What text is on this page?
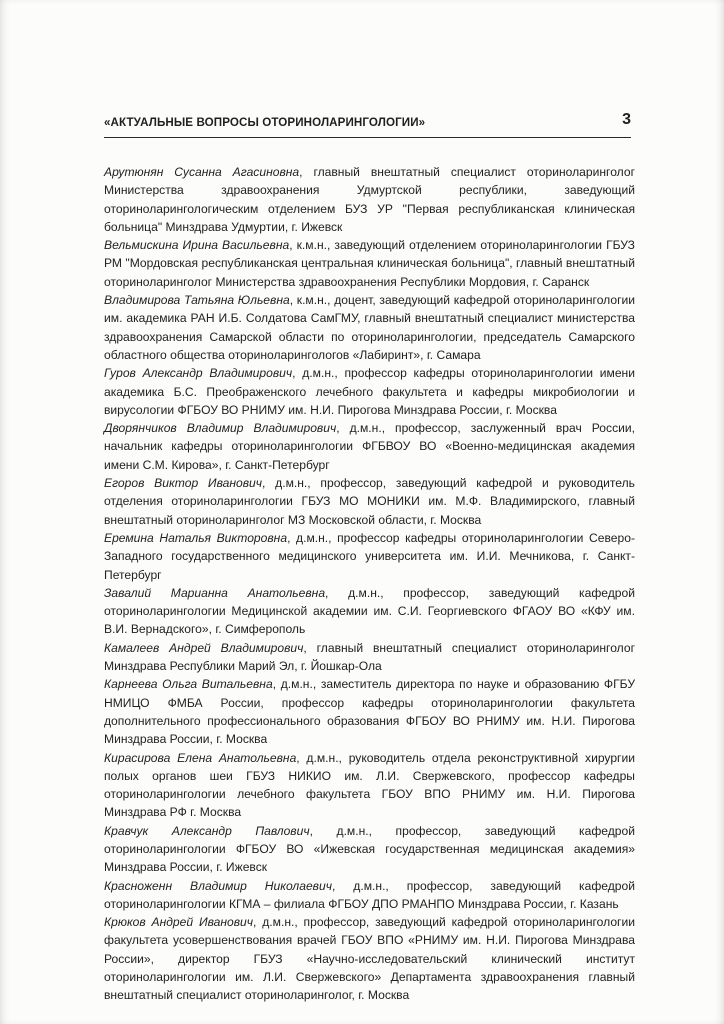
«АКТУАЛЬНЫЕ ВОПРОСЫ ОТОРИНОЛАРИНГОЛОГИИ»	3

Арутюнян Сусанна Агасиновна, главный внештатный специалист оториноларинголог Министерства здравоохранения Удмуртской республики, заведующий оториноларингологическим отделением БУЗ УР "Первая республиканская клиническая больница" Минздрава Удмуртии, г. Ижевск

Вельмискина Ирина Васильевна, к.м.н., заведующий отделением оториноларингологии ГБУЗ РМ "Мордовская республиканская центральная клиническая больница", главный внештатный оториноларинголог Министерства здравоохранения Республики Мордовия, г. Саранск

Владимирова Татьяна Юльевна, к.м.н., доцент, заведующий кафедрой оториноларингологии им. академика РАН И.Б. Солдатова СамГМУ, главный внештатный специалист министерства здравоохранения Самарской области по оториноларингологии, председатель Самарского областного общества оториноларингологов «Лабиринт», г. Самара

Гуров Александр Владимирович, д.м.н., профессор кафедры оториноларингологии имени академика Б.С. Преображенского лечебного факультета и кафедры микробиологии и вирусологии ФГБОУ ВО РНИМУ им. Н.И. Пирогова Минздрава России, г. Москва

Дворянчиков Владимир Владимирович, д.м.н., профессор, заслуженный врач России, начальник кафедры оториноларингологии ФГБВОУ ВО «Военно-медицинская академия имени С.М. Кирова», г. Санкт-Петербург

Егоров Виктор Иванович, д.м.н., профессор, заведующий кафедрой и руководитель отделения оториноларингологии ГБУЗ МО МОНИКИ им. М.Ф. Владимирского, главный внештатный оториноларинголог МЗ Московской области, г. Москва

Еремина Наталья Викторовна, д.м.н., профессор кафедры оториноларингологии Северо-Западного государственного медицинского университета им. И.И. Мечникова, г. Санкт-Петербург

Завалий Марианна Анатольевна, д.м.н., профессор, заведующий кафедрой оториноларингологии Медицинской академии им. С.И. Георгиевского ФГАОУ ВО «КФУ им. В.И. Вернадского», г. Симферополь

Камалеев Андрей Владимирович, главный внештатный специалист оториноларинголог Минздрава Республики Марий Эл, г. Йошкар-Ола

Карнеева Ольга Витальевна, д.м.н., заместитель директора по науке и образованию ФГБУ НМИЦО ФМБА России, профессор кафедры оториноларингологии факультета дополнительного профессионального образования ФГБОУ ВО РНИМУ им. Н.И. Пирогова Минздрава России, г. Москва

Кирасирова Елена Анатольевна, д.м.н., руководитель отдела реконструктивной хирургии полых органов шеи ГБУЗ НИКИО им. Л.И. Свержевского, профессор кафедры оториноларингологии лечебного факультета ГБОУ ВПО РНИМУ им. Н.И. Пирогова Минздрава РФ г. Москва

Кравчук Александр Павлович, д.м.н., профессор, заведующий кафедрой оториноларингологии ФГБОУ ВО «Ижевская государственная медицинская академия» Минздрава России, г. Ижевск

Красноженн Владимир Николаевич, д.м.н., профессор, заведующий кафедрой оториноларингологии КГМА – филиала ФГБОУ ДПО РМАНПО Минздрава России, г. Казань

Крюков Андрей Иванович, д.м.н., профессор, заведующий кафедрой оториноларингологии факультета усовершенствования врачей ГБОУ ВПО «РНИМУ им. Н.И. Пирогова Минздрава России», директор ГБУЗ «Научно-исследовательский клинический институт оториноларингологии им. Л.И. Свержевского» Департамента здравоохранения главный внештатный специалист оториноларинголог, г. Москва
